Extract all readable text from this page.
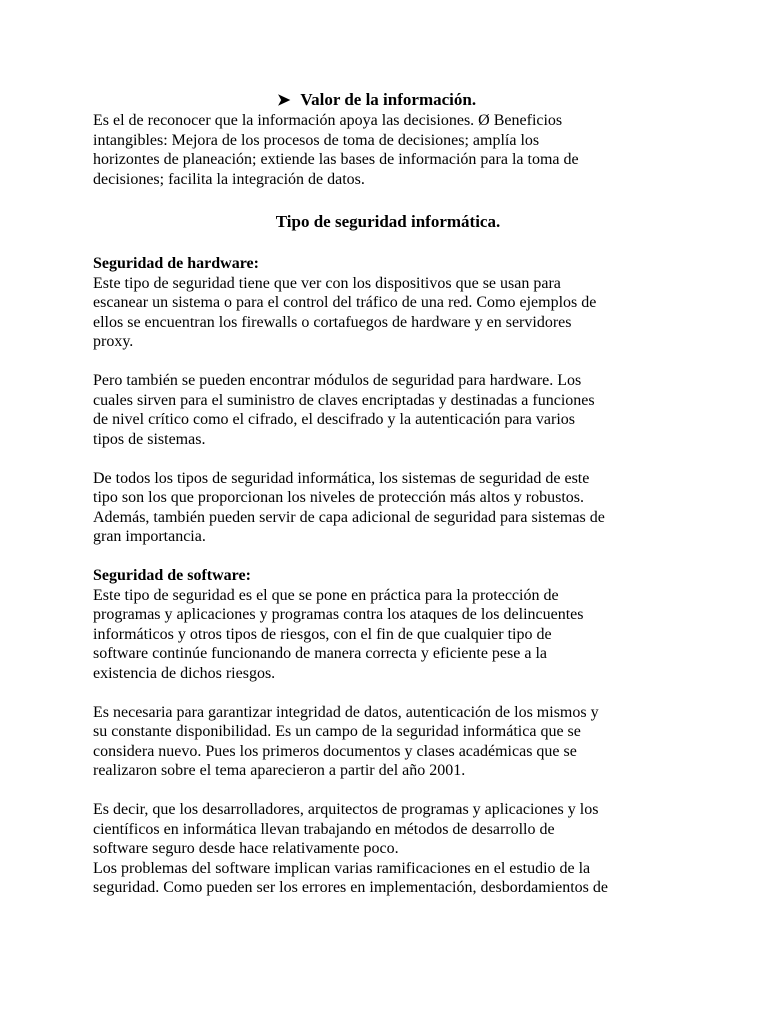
➤ Valor de la información.

Es el de reconocer que la información apoya las decisiones. Ø Beneficios
intangibles: Mejora de los procesos de toma de decisiones; amplía los
horizontes de planeación; extiende las bases de información para la toma de
decisiones; facilita la integración de datos.

Tipo de seguridad informática.

Seguridad de hardware:

Este tipo de seguridad tiene que ver con los dispositivos que se usan para
escanear un sistema o para el control del tráfico de una red. Como ejemplos de
ellos se encuentran los firewalls o cortafuegos de hardware y en servidores
proxy.

Pero también se pueden encontrar módulos de seguridad para hardware. Los
cuales sirven para el suministro de claves encriptadas y destinadas a funciones
de nivel crítico como el cifrado, el descifrado y la autenticación para varios
tipos de sistemas.

De todos los tipos de seguridad informática, los sistemas de seguridad de este
tipo son los que proporcionan los niveles de protección más altos y robustos.
Además, también pueden servir de capa adicional de seguridad para sistemas de
gran importancia.

Seguridad de software:

Este tipo de seguridad es el que se pone en práctica para la protección de
programas y aplicaciones y programas contra los ataques de los delincuentes
informáticos y otros tipos de riesgos, con el fin de que cualquier tipo de
software continúe funcionando de manera correcta y eficiente pese a la
existencia de dichos riesgos.

Es necesaria para garantizar integridad de datos, autenticación de los mismos y
su constante disponibilidad. Es un campo de la seguridad informática que se
considera nuevo. Pues los primeros documentos y clases académicas que se
realizaron sobre el tema aparecieron a partir del año 2001.

Es decir, que los desarrolladores, arquitectos de programas y aplicaciones y los
científicos en informática llevan trabajando en métodos de desarrollo de
software seguro desde hace relativamente poco.
Los problemas del software implican varias ramificaciones en el estudio de la
seguridad. Como pueden ser los errores en implementación, desbordamientos de
